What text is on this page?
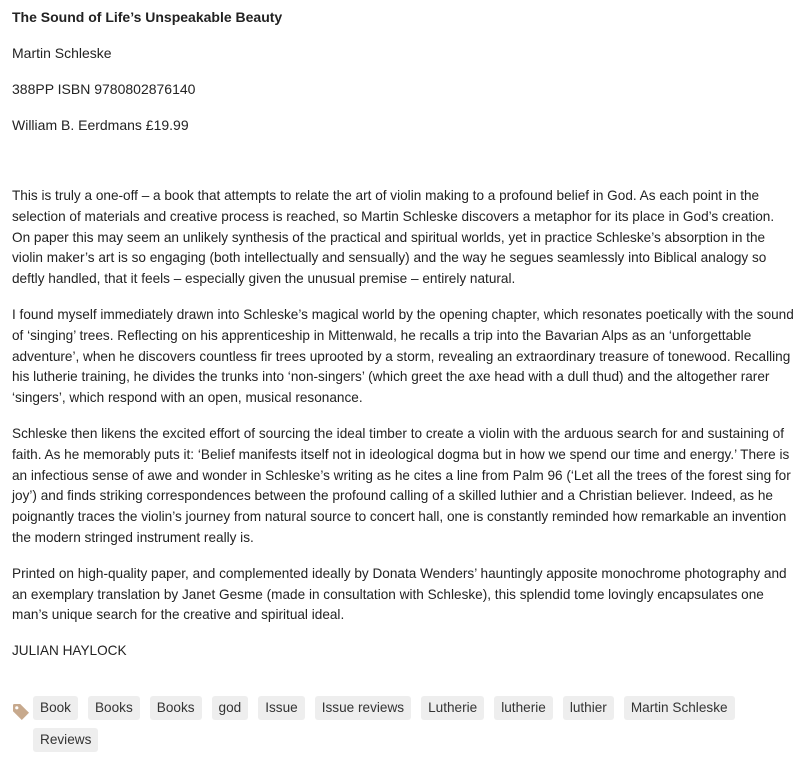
The Sound of Life’s Unspeakable Beauty

Martin Schleske

388PP ISBN 9780802876140

William B. Eerdmans £19.99

This is truly a one-off – a book that attempts to relate the art of violin making to a profound belief in God. As each point in the selection of materials and creative process is reached, so Martin Schleske discovers a metaphor for its place in God’s creation. On paper this may seem an unlikely synthesis of the practical and spiritual worlds, yet in practice Schleske’s absorption in the violin maker’s art is so engaging (both intellectually and sensually) and the way he segues seamlessly into Biblical analogy so deftly handled, that it feels – especially given the unusual premise – entirely natural.

I found myself immediately drawn into Schleske’s magical world by the opening chapter, which resonates poetically with the sound of ‘singing’ trees. Reflecting on his apprenticeship in Mittenwald, he recalls a trip into the Bavarian Alps as an ‘unforgettable adventure’, when he discovers countless fir trees uprooted by a storm, revealing an extraordinary treasure of tonewood. Recalling his lutherie training, he divides the trunks into ‘non-singers’ (which greet the axe head with a dull thud) and the altogether rarer ‘singers’, which respond with an open, musical resonance.

Schleske then likens the excited effort of sourcing the ideal timber to create a violin with the arduous search for and sustaining of faith. As he memorably puts it: ‘Belief manifests itself not in ideological dogma but in how we spend our time and energy.’ There is an infectious sense of awe and wonder in Schleske’s writing as he cites a line from Palm 96 (‘Let all the trees of the forest sing for joy’) and finds striking correspondences between the profound calling of a skilled luthier and a Christian believer. Indeed, as he poignantly traces the violin’s journey from natural source to concert hall, one is constantly reminded how remarkable an invention the modern stringed instrument really is.

Printed on high-quality paper, and complemented ideally by Donata Wenders’ hauntingly apposite monochrome photography and an exemplary translation by Janet Gesme (made in consultation with Schleske), this splendid tome lovingly encapsulates one man’s unique search for the creative and spiritual ideal.

JULIAN HAYLOCK

Book	Books	Books	god	Issue	Issue reviews	Lutherie	lutherie	luthier	Martin Schleske
Reviews
